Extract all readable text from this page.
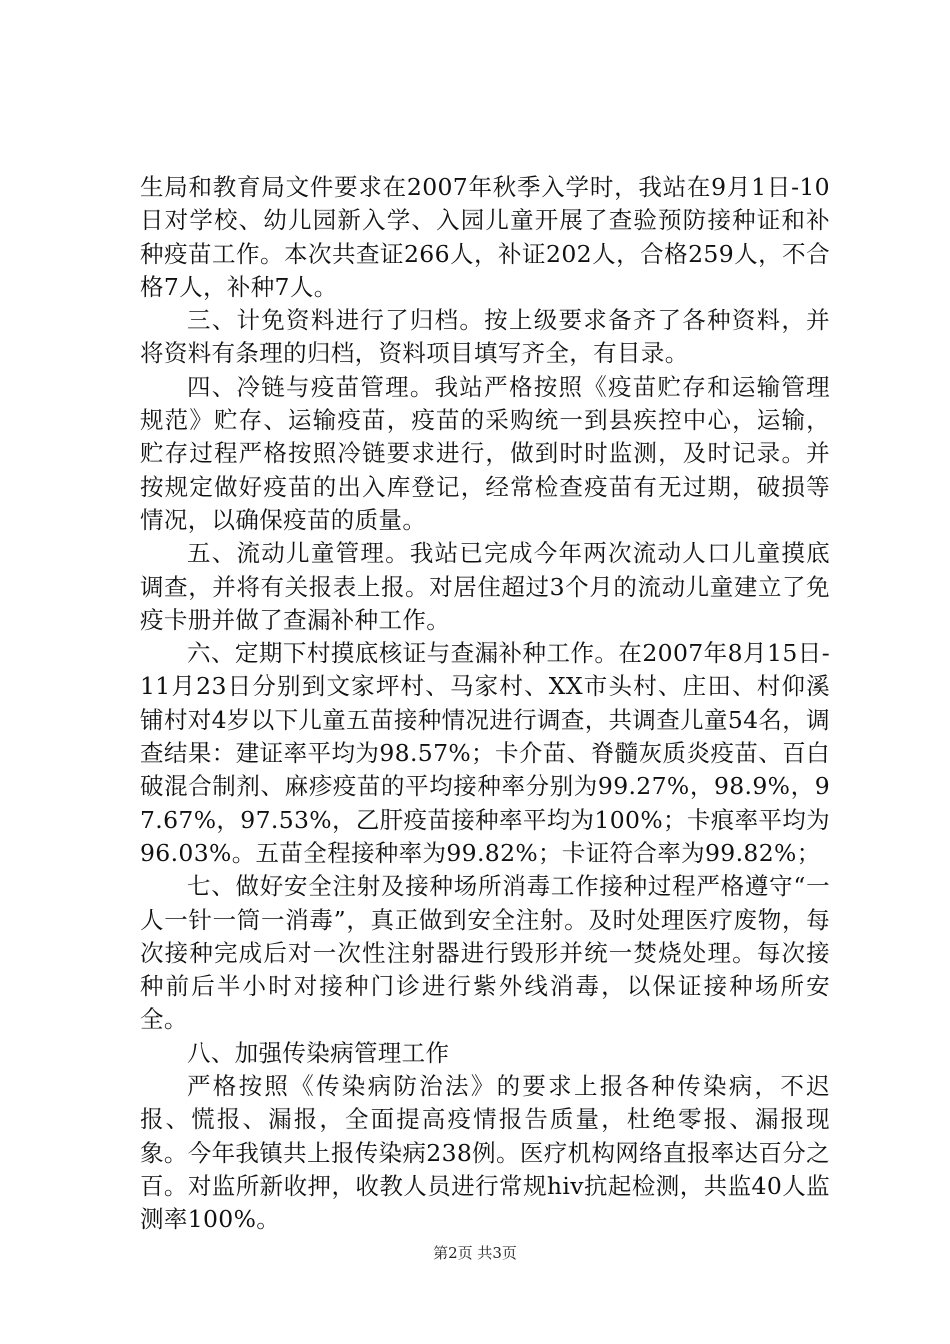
生局和教育局文件要求在2007年秋季入学时，我站在9月1日-10日对学校、幼儿园新入学、入园儿童开展了查验预防接种证和补种疫苗工作。本次共查证266人，补证202人，合格259人，不合格7人，补种7人。

三、计免资料进行了归档。按上级要求备齐了各种资料，并将资料有条理的归档，资料项目填写齐全，有目录。

四、冷链与疫苗管理。我站严格按照《疫苗贮存和运输管理规范》贮存、运输疫苗，疫苗的采购统一到县疾控中心，运输，贮存过程严格按照冷链要求进行，做到时时监测，及时记录。并按规定做好疫苗的出入库登记，经常检查疫苗有无过期，破损等情况，以确保疫苗的质量。

五、流动儿童管理。我站已完成今年两次流动人口儿童摸底调查，并将有关报表上报。对居住超过3个月的流动儿童建立了免疫卡册并做了查漏补种工作。

六、定期下村摸底核证与查漏补种工作。在2007年8月15日-11月23日分别到文家坪村、马家村、XX市头村、庄田、村仰溪铺村对4岁以下儿童五苗接种情况进行调查，共调查儿童54名，调查结果：建证率平均为98.57%；卡介苗、脊髓灰质炎疫苗、百白破混合制剂、麻疹疫苗的平均接种率分别为99.27%，98.9%，97.67%，97.53%，乙肝疫苗接种率平均为100%；卡痕率平均为96.03%。五苗全程接种率为99.82%；卡证符合率为99.82%；

七、做好安全注射及接种场所消毒工作接种过程严格遵守“一人一针一筒一消毒”，真正做到安全注射。及时处理医疗废物，每次接种完成后对一次性注射器进行毁形并统一焚烧处理。每次接种前后半小时对接种门诊进行紫外线消毒，以保证接种场所安全。

八、加强传染病管理工作

严格按照《传染病防治法》的要求上报各种传染病，不迟报、慌报、漏报，全面提高疫情报告质量，杜绝零报、漏报现象。今年我镇共上报传染病238例。医疗机构网络直报率达百分之百。对监所新收押，收教人员进行常规hiv抗起检测，共监40人监测率100%。

第2页 共3页
